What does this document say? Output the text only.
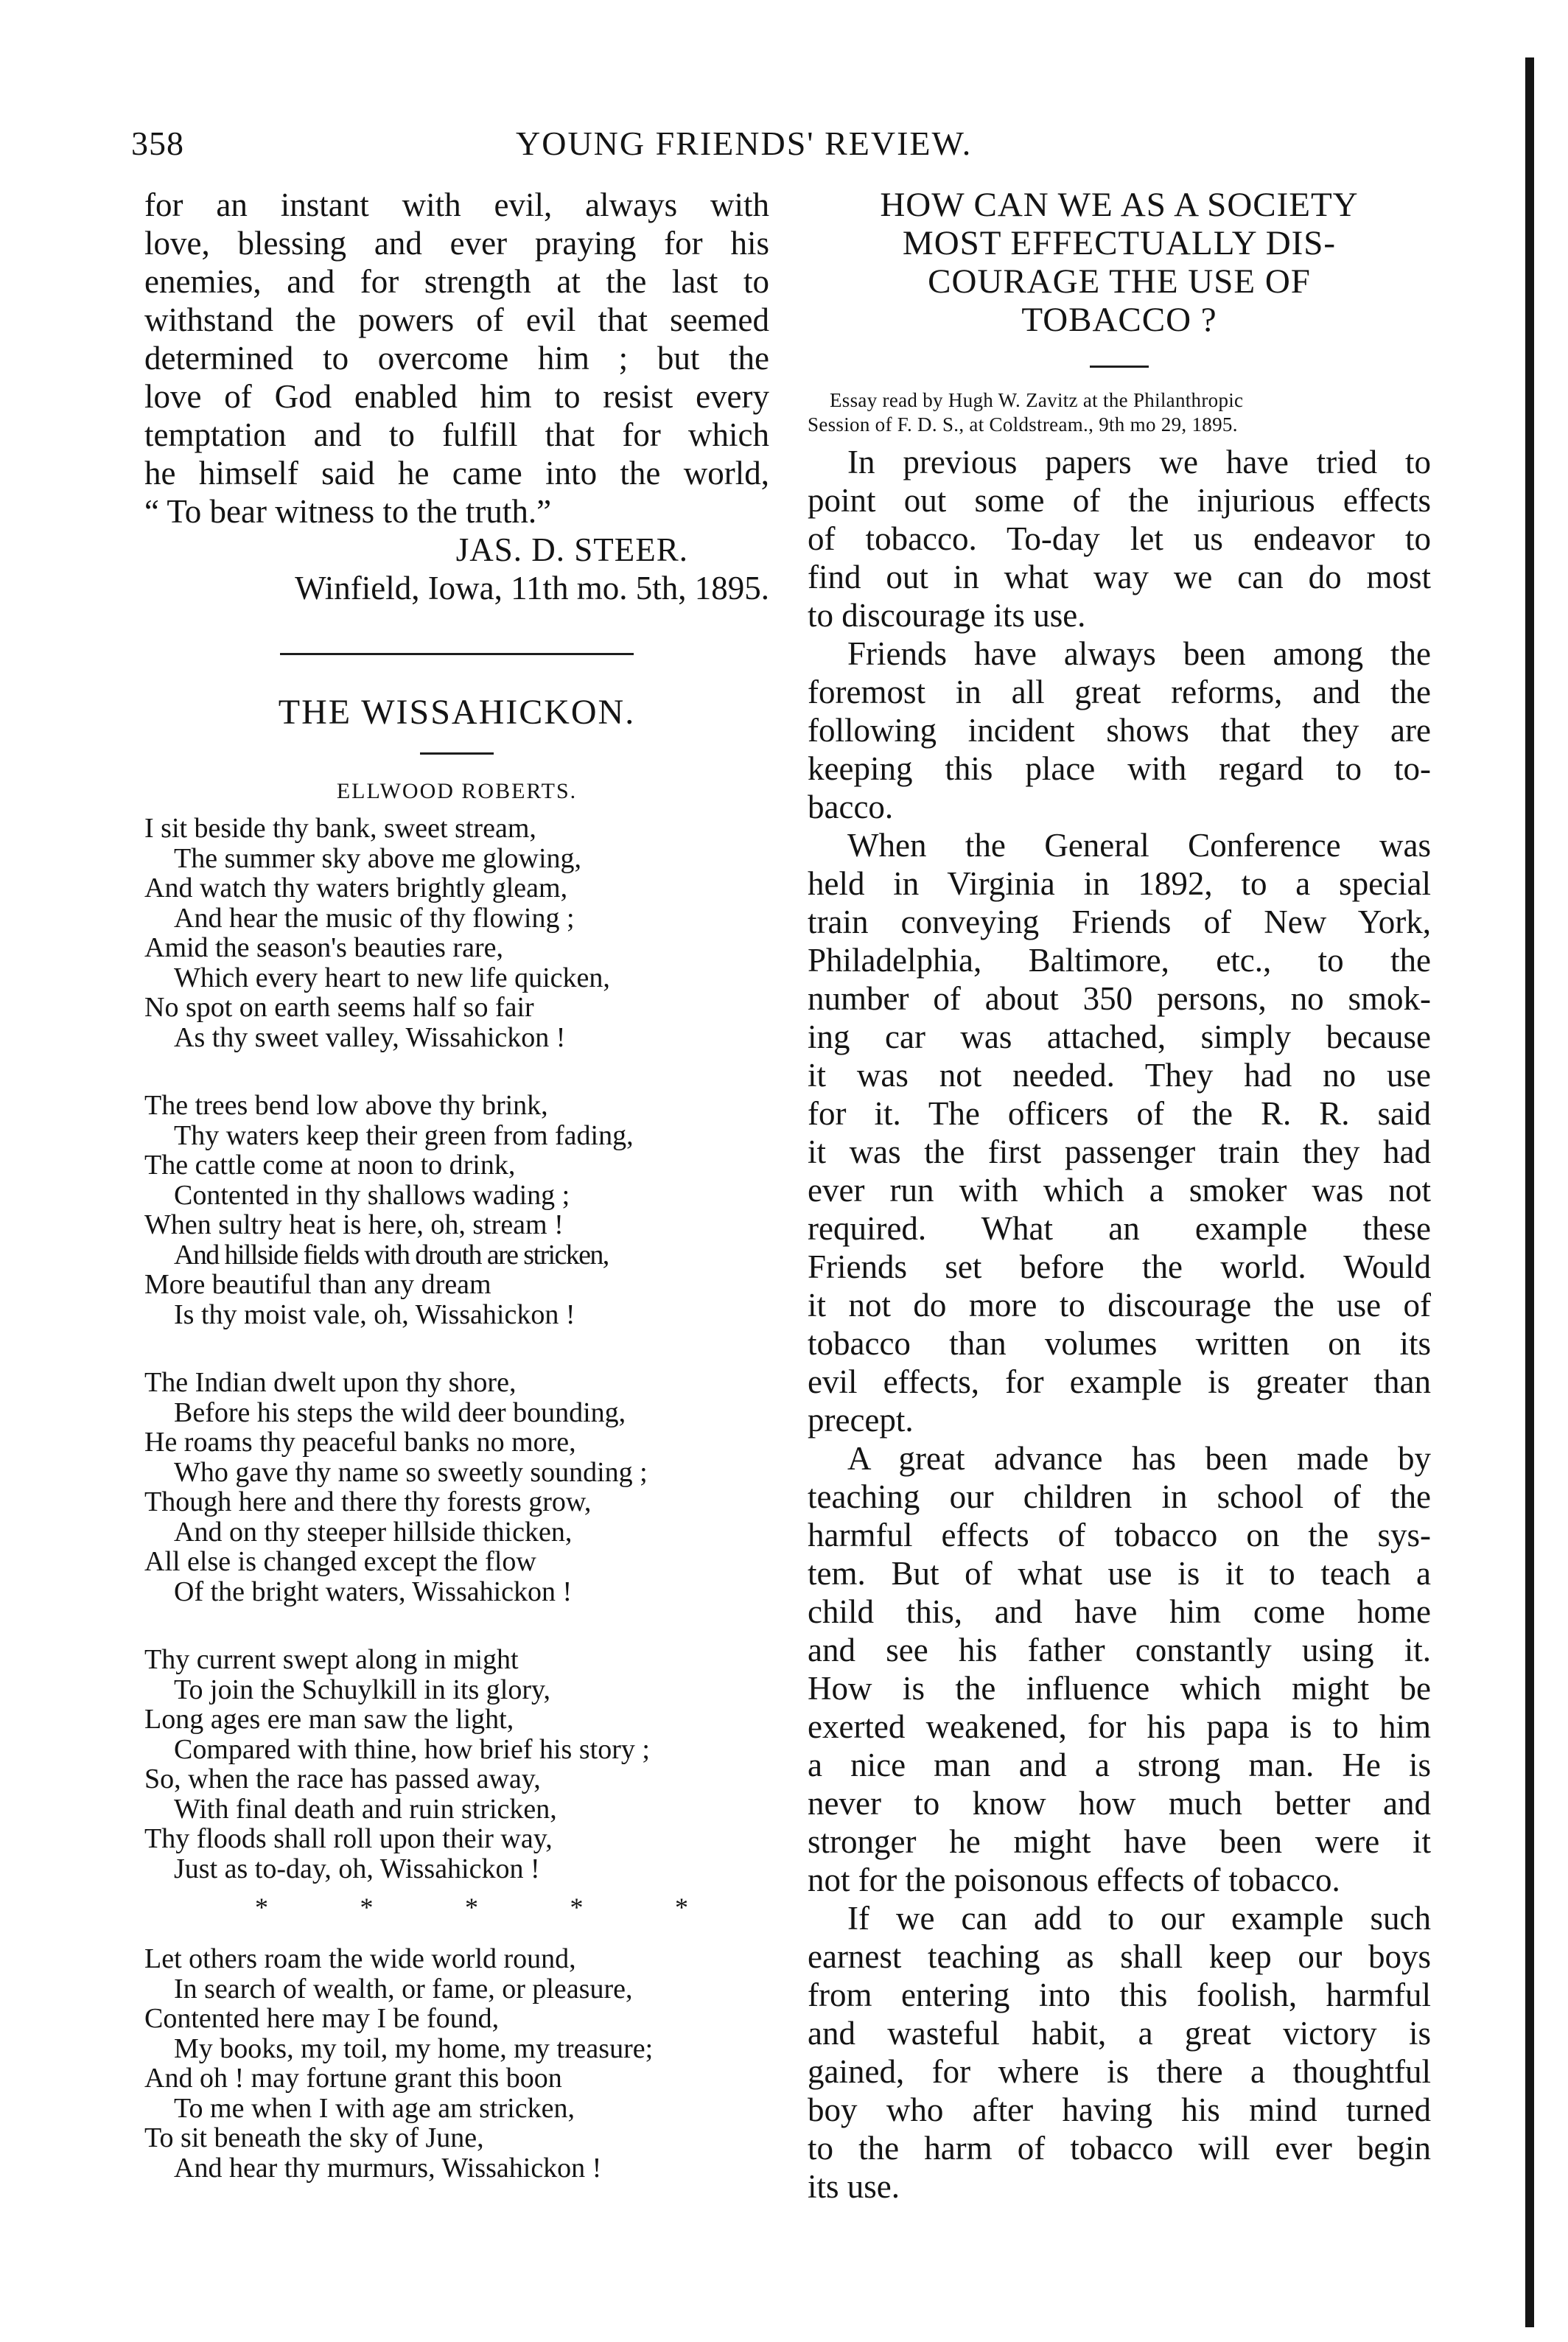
358	YOUNG FRIENDS' REVIEW.
for an instant with evil, always with
love, blessing and ever praying for his
enemies, and for strength at the last to
withstand the powers of evil that seemed
determined to overcome him ; but the
love of God enabled him to resist every
temptation and to fulfill that for which
he himself said he came into the world,
“ To bear witness to the truth.”
JAS. D. STEER.
Winfield, Iowa, 11th mo. 5th, 1895.
THE WISSAHICKON.
ELLWOOD ROBERTS.
I sit beside thy bank, sweet stream,
The summer sky above me glowing,
And watch thy waters brightly gleam,
And hear the music of thy flowing ;
Amid the season's beauties rare,
Which every heart to new life quicken,
No spot on earth seems half so fair
As thy sweet valley, Wissahickon !
The trees bend low above thy brink,
Thy waters keep their green from fading,
The cattle come at noon to drink,
Contented in thy shallows wading ;
When sultry heat is here, oh, stream !
And hillside fields with drouth are stricken,
More beautiful than any dream
Is thy moist vale, oh, Wissahickon !
The Indian dwelt upon thy shore,
Before his steps the wild deer bounding,
He roams thy peaceful banks no more,
Who gave thy name so sweetly sounding ;
Though here and there thy forests grow,
And on thy steeper hillside thicken,
All else is changed except the flow
Of the bright waters, Wissahickon !
Thy current swept along in might
To join the Schuylkill in its glory,
Long ages ere man saw the light,
Compared with thine, how brief his story ;
So, when the race has passed away,
With final death and ruin stricken,
Thy floods shall roll upon their way,
Just as to-day, oh, Wissahickon !
*	*	*	*	*
Let others roam the wide world round,
In search of wealth, or fame, or pleasure,
Contented here may I be found,
My books, my toil, my home, my treasure;
And oh ! may fortune grant this boon
To me when I with age am stricken,
To sit beneath the sky of June,
And hear thy murmurs, Wissahickon !
HOW CAN WE AS A SOCIETY
MOST EFFECTUALLY DIS-
COURAGE THE USE OF
TOBACCO ?
Essay read by Hugh W. Zavitz at the Philanthropic
Session of F. D. S., at Coldstream., 9th mo 29, 1895.
In previous papers we have tried to
point out some of the injurious effects
of tobacco. To-day let us endeavor to
find out in what way we can do most
to discourage its use.
Friends have always been among the
foremost in all great reforms, and the
following incident shows that they are
keeping this place with regard to to-
bacco.
When the General Conference was
held in Virginia in 1892, to a special
train conveying Friends of New York,
Philadelphia, Baltimore, etc., to the
number of about 350 persons, no smok-
ing car was attached, simply because
it was not needed. They had no use
for it. The officers of the R. R. said
it was the first passenger train they had
ever run with which a smoker was not
required. What an example these
Friends set before the world. Would
it not do more to discourage the use of
tobacco than volumes written on its
evil effects, for example is greater than
precept.
A great advance has been made by
teaching our children in school of the
harmful effects of tobacco on the sys-
tem. But of what use is it to teach a
child this, and have him come home
and see his father constantly using it.
How is the influence which might be
exerted weakened, for his papa is to him
a nice man and a strong man. He is
never to know how much better and
stronger he might have been were it
not for the poisonous effects of tobacco.
If we can add to our example such
earnest teaching as shall keep our boys
from entering into this foolish, harmful
and wasteful habit, a great victory is
gained, for where is there a thoughtful
boy who after having his mind turned
to the harm of tobacco will ever begin
its use.
